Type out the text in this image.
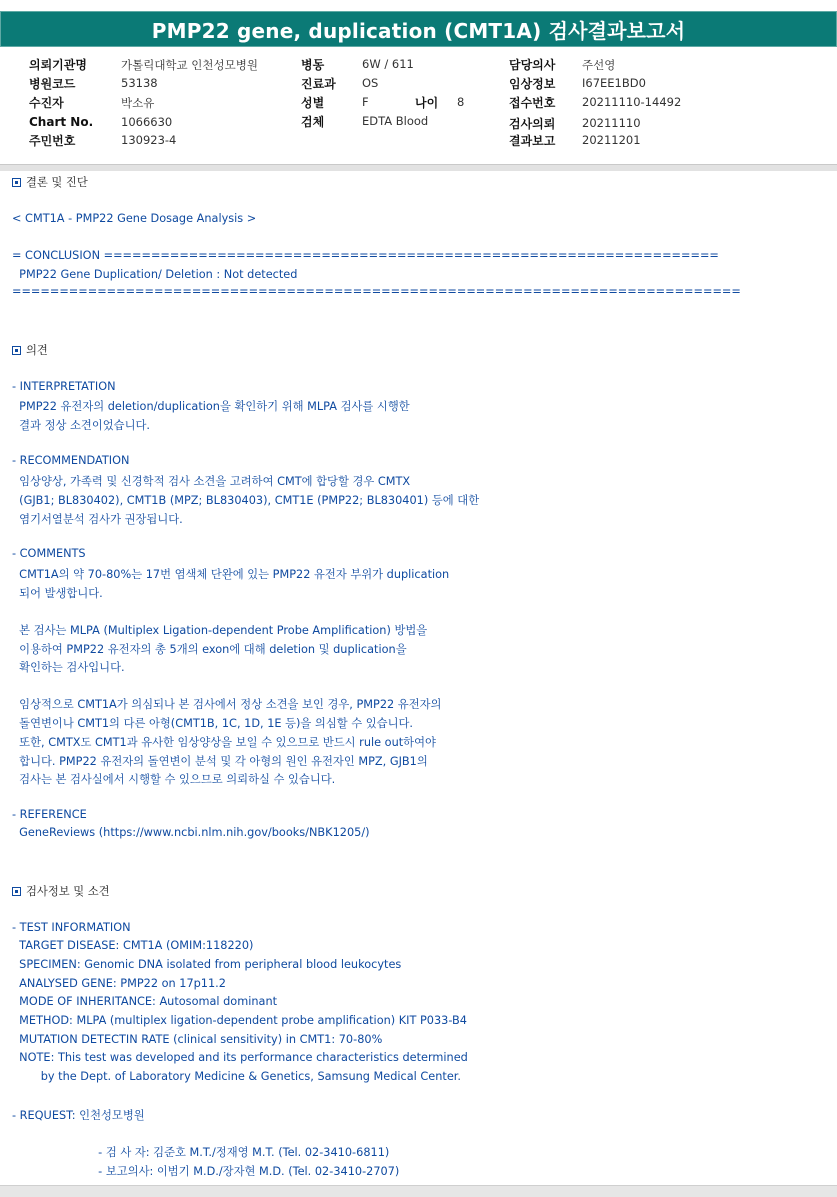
PMP22 gene, duplication (CMT1A) 검사결과보고서
의뢰기관명	가톨릭대학교 인천성모병원
병원코드	53138
수진자	박소유
Chart No. 1066630
주민번호	130923-4
병동	6W / 611
진료과 OS
성별	F	나이 8
검체	EDTA Blood
담당의사 주선영
임상정보 I67EE1BD0
접수번호 20211110-14492
검사의뢰 20211110
결과보고 20211201
결론 및 진단
< CMT1A - PMP22 Gene Dosage Analysis >
= CONCLUSION =================================================================
PMP22 Gene Duplication/ Deletion : Not detected
=============================================================================
의견
- INTERPRETATION
PMP22 유전자의 deletion/duplication을 확인하기 위해 MLPA 검사를 시행한
결과 정상 소견이었습니다.
- RECOMMENDATION
임상양상, 가족력 및 신경학적 검사 소견을 고려하여 CMT에 합당할 경우 CMTX
(GJB1; BL830402), CMT1B (MPZ; BL830403), CMT1E (PMP22; BL830401) 등에 대한
염기서열분석 검사가 권장됩니다.
- COMMENTS
CMT1A의 약 70-80%는 17번 염색체 단완에 있는 PMP22 유전자 부위가 duplication
되어 발생합니다.
본 검사는 MLPA (Multiplex Ligation-dependent Probe Amplification) 방법을
이용하여 PMP22 유전자의 총 5개의 exon에 대해 deletion 및 duplication을
확인하는 검사입니다.
임상적으로 CMT1A가 의심되나 본 검사에서 정상 소견을 보인 경우, PMP22 유전자의
돌연변이나 CMT1의 다른 아형(CMT1B, 1C, 1D, 1E 등)을 의심할 수 있습니다.
또한, CMTX도 CMT1과 유사한 임상양상을 보일 수 있으므로 반드시 rule out하여야
합니다. PMP22 유전자의 돌연변이 분석 및 각 아형의 원인 유전자인 MPZ, GJB1의
검사는 본 검사실에서 시행할 수 있으므로 의뢰하실 수 있습니다.
- REFERENCE
GeneReviews (https://www.ncbi.nlm.nih.gov/books/NBK1205/)
검사정보 및 소견
- TEST INFORMATION
TARGET DISEASE: CMT1A (OMIM:118220)
SPECIMEN: Genomic DNA isolated from peripheral blood leukocytes
ANALYSED GENE: PMP22 on 17p11.2
MODE OF INHERITANCE: Autosomal dominant
METHOD: MLPA (multiplex ligation-dependent probe amplification) KIT P033-B4
MUTATION DETECTIN RATE (clinical sensitivity) in CMT1: 70-80%
NOTE: This test was developed and its performance characteristics determined
by the Dept. of Laboratory Medicine & Genetics, Samsung Medical Center.
- REQUEST: 인천성모병원
- 검 사 자: 김준호 M.T./정재영 M.T. (Tel. 02-3410-6811)
- 보고의사: 이범기 M.D./장자현 M.D. (Tel. 02-3410-2707)
